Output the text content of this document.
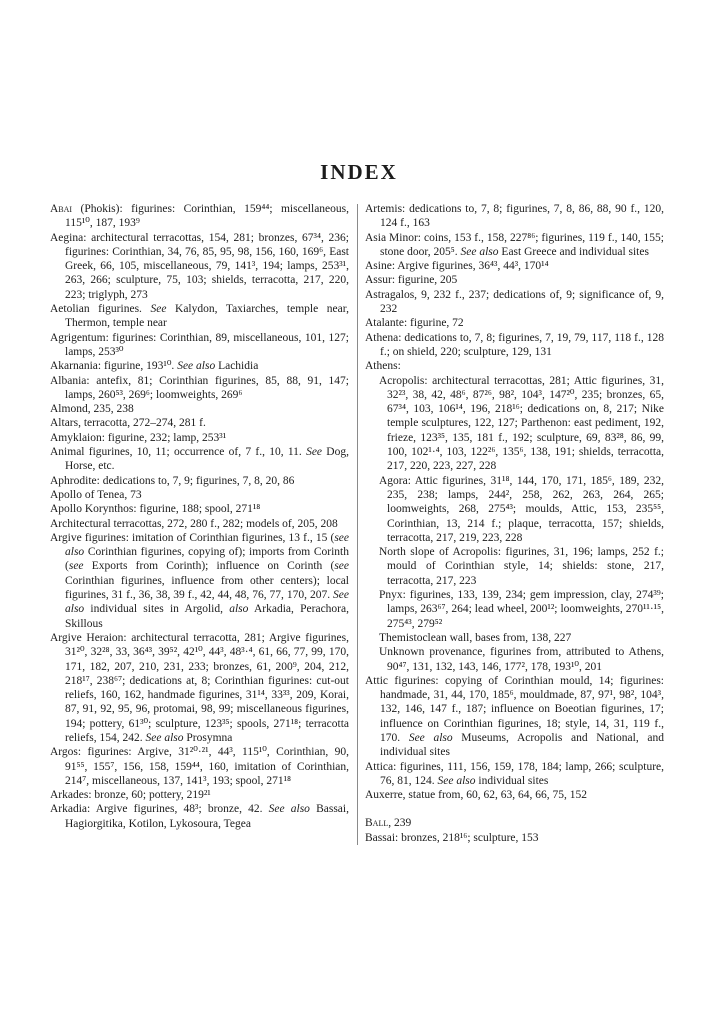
INDEX

Abai (Phokis): figurines: Corinthian, 159⁴⁴; miscellaneous, 115¹⁰, 187, 193⁹

Aegina: architectural terracottas, 154, 281; bronzes, 67³⁴, 236; figurines: Corinthian, 34, 76, 85, 95, 98, 156, 160, 169⁶, East Greek, 66, 105, miscellaneous, 79, 141³, 194; lamps, 253³¹, 263, 266; sculpture, 75, 103; shields, terracotta, 217, 220, 223; triglyph, 273

Aetolian figurines. See Kalydon, Taxiarches, temple near, Thermon, temple near

Agrigentum: figurines: Corinthian, 89, miscellaneous, 101, 127; lamps, 253³⁰

Akarnania: figurine, 193¹⁰. See also Lachidia

Albania: antefix, 81; Corinthian figurines, 85, 88, 91, 147; lamps, 260⁵³, 269⁶; loomweights, 269⁶

Almond, 235, 238

Altars, terracotta, 272–274, 281 f.

Amyklaion: figurine, 232; lamp, 253³¹

Animal figurines, 10, 11; occurrence of, 7 f., 10, 11. See Dog, Horse, etc.

Aphrodite: dedications to, 7, 9; figurines, 7, 8, 20, 86

Apollo of Tenea, 73

Apollo Korynthos: figurine, 188; spool, 271¹⁸

Architectural terracottas, 272, 280 f., 282; models of, 205, 208

Argive figurines: imitation of Corinthian figurines, 13 f., 15 (see also Corinthian figurines, copying of); imports from Corinth (see Exports from Corinth); influence on Corinth (see Corinthian figurines, influence from other centers); local figurines, 31 f., 36, 38, 39 f., 42, 44, 48, 76, 77, 170, 207. See also individual sites in Argolid, also Arkadia, Perachora, Skillous

Argive Heraion: architectural terracotta, 281; Argive figurines, 31²⁰, 32²⁸, 33, 36⁴³, 39⁵², 42¹⁰, 44³, 48³·⁴, 61, 66, 77, 99, 170, 171, 182, 207, 210, 231, 233; bronzes, 61, 200⁹, 204, 212, 218¹⁷, 238⁶⁷; dedications at, 8; Corinthian figurines: cut-out reliefs, 160, 162, handmade figurines, 31¹⁴, 33³³, 209, Korai, 87, 91, 92, 95, 96, protomai, 98, 99; miscellaneous figurines, 194; pottery, 61³⁰; sculpture, 123³⁵; spools, 271¹⁸; terracotta reliefs, 154, 242. See also Prosymna

Argos: figurines: Argive, 31²⁰·²¹, 44³, 115¹⁰, Corinthian, 90, 91⁵⁵, 155⁷, 156, 158, 159⁴⁴, 160, imitation of Corinthian, 214⁷, miscellaneous, 137, 141³, 193; spool, 271¹⁸

Arkades: bronze, 60; pottery, 219²¹

Arkadia: Argive figurines, 48³; bronze, 42. See also Bassai, Hagiorgitika, Kotilon, Lykosoura, Tegea

Artemis: dedications to, 7, 8; figurines, 7, 8, 86, 88, 90 f., 120, 124 f., 163

Asia Minor: coins, 153 f., 158, 227⁸⁶; figurines, 119 f., 140, 155; stone door, 205⁵. See also East Greece and individual sites

Asine: Argive figurines, 36⁴³, 44³, 170¹⁴

Assur: figurine, 205

Astragalos, 9, 232 f., 237; dedications of, 9; significance of, 9, 232

Atalante: figurine, 72

Athena: dedications to, 7, 8; figurines, 7, 19, 79, 117, 118 f., 128 f.; on shield, 220; sculpture, 129, 131

Athens:

Acropolis: architectural terracottas, 281; Attic figurines, 31, 32²³, 38, 42, 48⁶, 87²⁶, 98², 104³, 147²⁰, 235; bronzes, 65, 67³⁴, 103, 106¹⁴, 196, 218¹⁶; dedications on, 8, 217; Nike temple sculptures, 122, 127; Parthenon: east pediment, 192, frieze, 123³⁵, 135, 181 f., 192; sculpture, 69, 83²⁸, 86, 99, 100, 102¹·⁴, 103, 122²⁶, 135⁶, 138, 191; shields, terracotta, 217, 220, 223, 227, 228

Agora: Attic figurines, 31¹⁸, 144, 170, 171, 185⁶, 189, 232, 235, 238; lamps, 244², 258, 262, 263, 264, 265; loomweights, 268, 275⁴³; moulds, Attic, 153, 235⁵⁵, Corinthian, 13, 214 f.; plaque, terracotta, 157; shields, terracotta, 217, 219, 223, 228

North slope of Acropolis: figurines, 31, 196; lamps, 252 f.; mould of Corinthian style, 14; shields: stone, 217, terracotta, 217, 223

Pnyx: figurines, 133, 139, 234; gem impression, clay, 274³⁹; lamps, 263⁶⁷, 264; lead wheel, 200¹²; loomweights, 270¹¹·¹⁵, 275⁴³, 279⁵²

Themistoclean wall, bases from, 138, 227

Unknown provenance, figurines from, attributed to Athens, 90⁴⁷, 131, 132, 143, 146, 177², 178, 193¹⁰, 201

Attic figurines: copying of Corinthian mould, 14; figurines: handmade, 31, 44, 170, 185⁶, mouldmade, 87, 97¹, 98², 104³, 132, 146, 147 f., 187; influence on Boeotian figurines, 17; influence on Corinthian figurines, 18; style, 14, 31, 119 f., 170. See also Museums, Acropolis and National, and individual sites

Attica: figurines, 111, 156, 159, 178, 184; lamp, 266; sculpture, 76, 81, 124. See also individual sites

Auxerre, statue from, 60, 62, 63, 64, 66, 75, 152

Ball, 239

Bassai: bronzes, 218¹⁶; sculpture, 153
